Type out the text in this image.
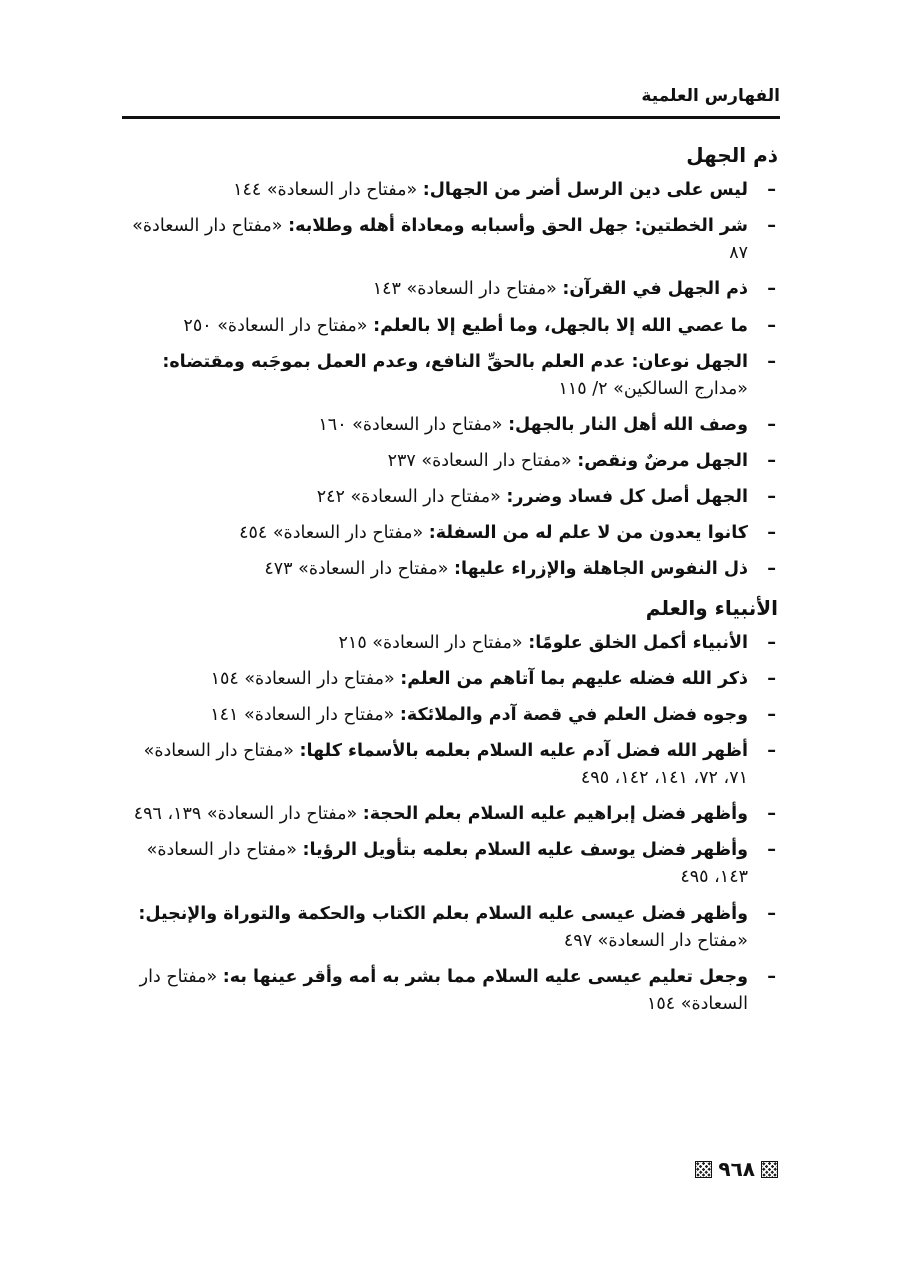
الفهارس العلمية
ذم الجهل
–
ليس على دين الرسل أضر من الجهال: «مفتاح دار السعادة» ١٤٤
–
شر الخطتين: جهل الحق وأسبابه ومعاداة أهله وطلابه: «مفتاح دار السعادة» ٨٧
–
ذم الجهل في القرآن: «مفتاح دار السعادة» ١٤٣
–
ما عصي الله إلا بالجهل، وما أطيع إلا بالعلم: «مفتاح دار السعادة» ٢٥٠
–
الجهل نوعان: عدم العلم بالحقِّ النافع، وعدم العمل بموجَبه ومقتضاه: «مدارج السالكين» ٢/ ١١٥
–
وصف الله أهل النار بالجهل: «مفتاح دار السعادة» ١٦٠
–
الجهل مرضٌ ونقص: «مفتاح دار السعادة» ٢٣٧
–
الجهل أصل كل فساد وضرر: «مفتاح دار السعادة» ٢٤٢
–
كانوا يعدون من لا علم له من السفلة: «مفتاح دار السعادة» ٤٥٤
–
ذل النفوس الجاهلة والإزراء عليها: «مفتاح دار السعادة» ٤٧٣
الأنبياء والعلم
–
الأنبياء أكمل الخلق علومًا: «مفتاح دار السعادة» ٢١٥
–
ذكر الله فضله عليهم بما آتاهم من العلم: «مفتاح دار السعادة» ١٥٤
–
وجوه فضل العلم في قصة آدم والملائكة: «مفتاح دار السعادة» ١٤١
–
أظهر الله فضل آدم عليه السلام بعلمه بالأسماء كلها: «مفتاح دار السعادة» ٧١، ٧٢، ١٤١، ١٤٢، ٤٩٥
–
وأظهر فضل إبراهيم عليه السلام بعلم الحجة: «مفتاح دار السعادة» ١٣٩، ٤٩٦
–
وأظهر فضل يوسف عليه السلام بعلمه بتأويل الرؤيا: «مفتاح دار السعادة» ١٤٣، ٤٩٥
–
وأظهر فضل عيسى عليه السلام بعلم الكتاب والحكمة والتوراة والإنجيل: «مفتاح دار السعادة» ٤٩٧
–
وجعل تعليم عيسى عليه السلام مما بشر به أمه وأقر عينها به: «مفتاح دار السعادة» ١٥٤
٩٦٨
